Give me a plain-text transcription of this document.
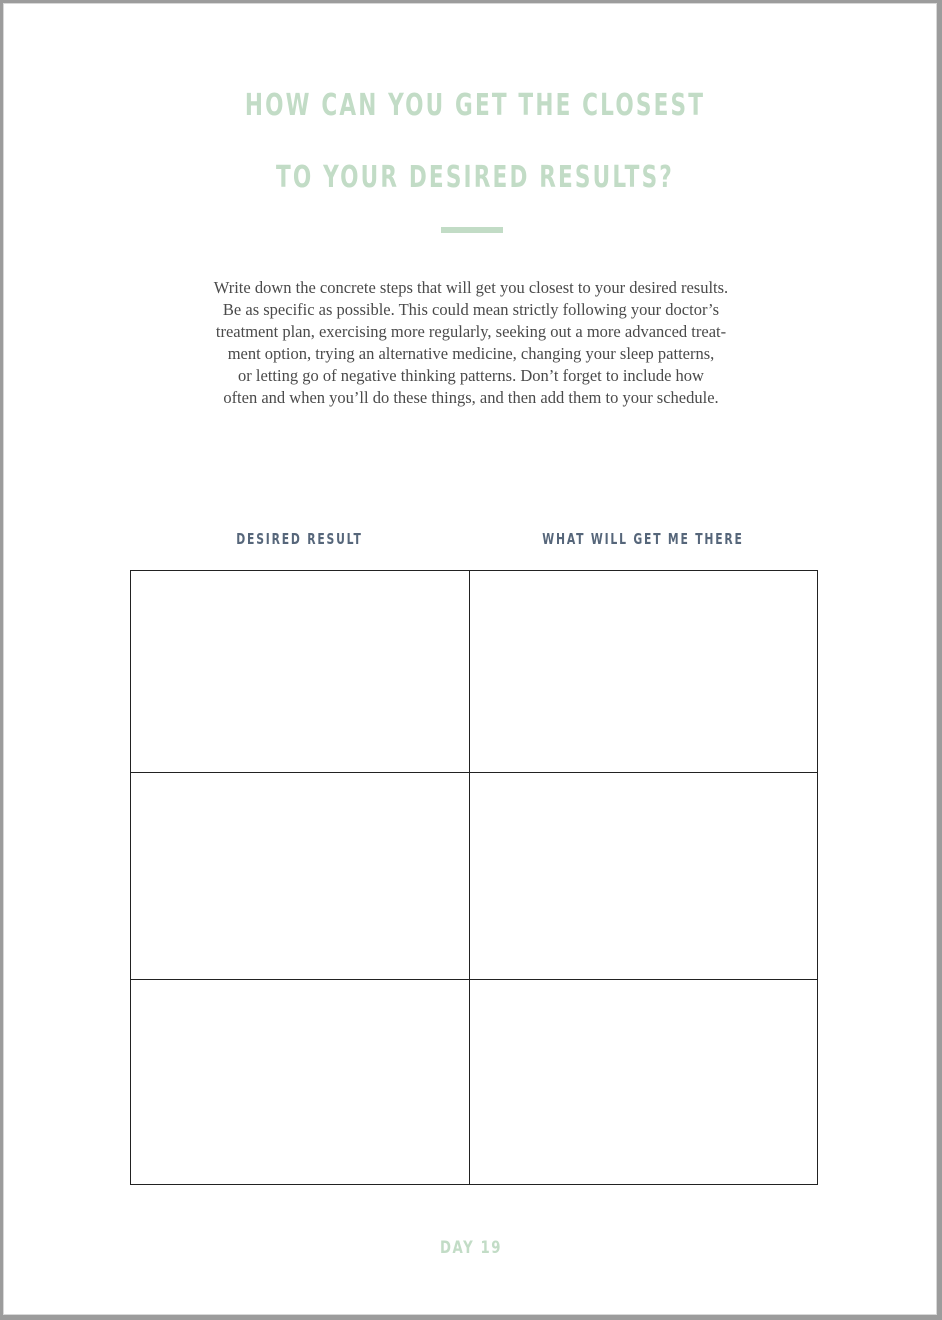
HOW CAN YOU GET THE CLOSEST
TO YOUR DESIRED RESULTS?
Write down the concrete steps that will get you closest to your desired results.
Be as specific as possible. This could mean strictly following your doctor’s
treatment plan, exercising more regularly, seeking out a more advanced treat-
ment option, trying an alternative medicine, changing your sleep patterns,
or letting go of negative thinking patterns. Don’t forget to include how
often and when you’ll do these things, and then add them to your schedule.
DESIRED RESULT	WHAT WILL GET ME THERE
DAY 19
